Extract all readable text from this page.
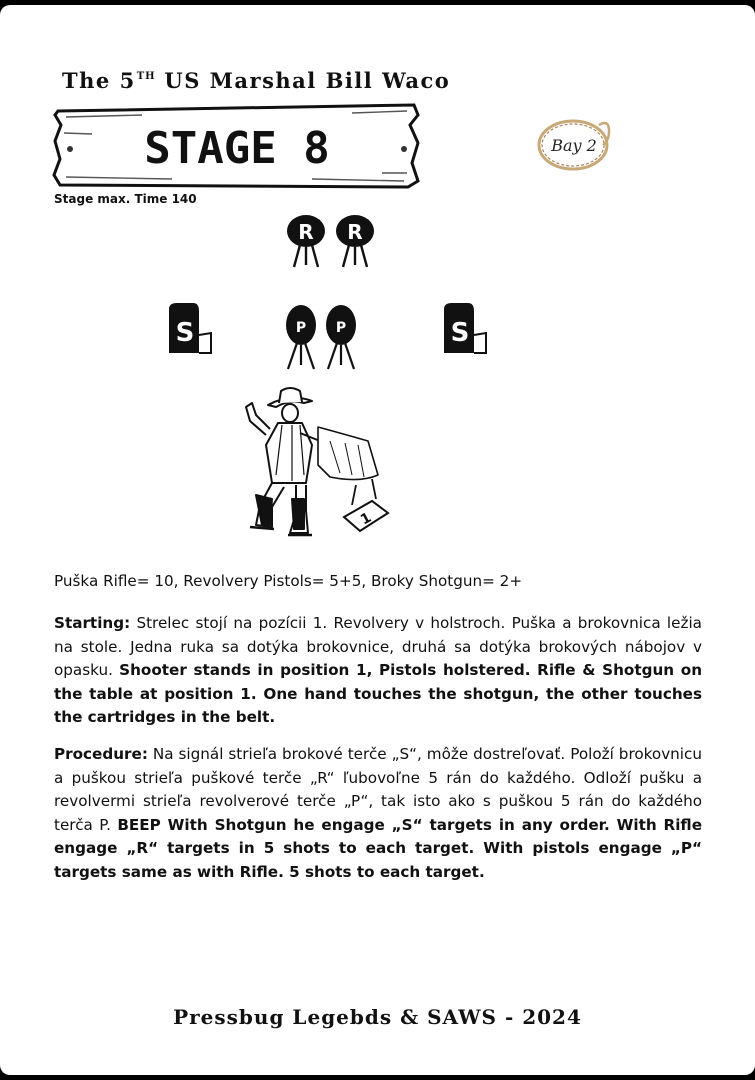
The 5TH US Marshal Bill Waco
STAGE 8	Bay 2
Stage max. Time 140
R R
S	S
P P
1
Puška Rifle= 10, Revolvery Pistols= 5+5, Broky Shotgun= 2+
Starting: Strelec stojí na pozícii 1. Revolvery v holstroch. Puška a brokovnica ležia na stole. Jedna ruka sa dotýka brokovnice, druhá sa dotýka brokových nábojov v opasku. Shooter stands in position 1, Pistols holstered. Rifle & Shotgun on the table at position 1. One hand touches the shotgun, the other touches the cartridges in the belt.
Procedure: Na signál strieľa brokové terče „S“, môže dostreľovať. Položí brokovnicu a puškou strieľa puškové terče „R“ ľubovoľne 5 rán do každého. Odloží pušku a revolvermi strieľa revolverové terče „P“, tak isto ako s puškou 5 rán do každého terča P. BEEP With Shotgun he engage „S“ targets in any order. With Rifle engage „R“ targets in 5 shots to each target. With pistols engage „P“ targets same as with Rifle. 5 shots to each target.
Pressbug Legebds & SAWS - 2024
